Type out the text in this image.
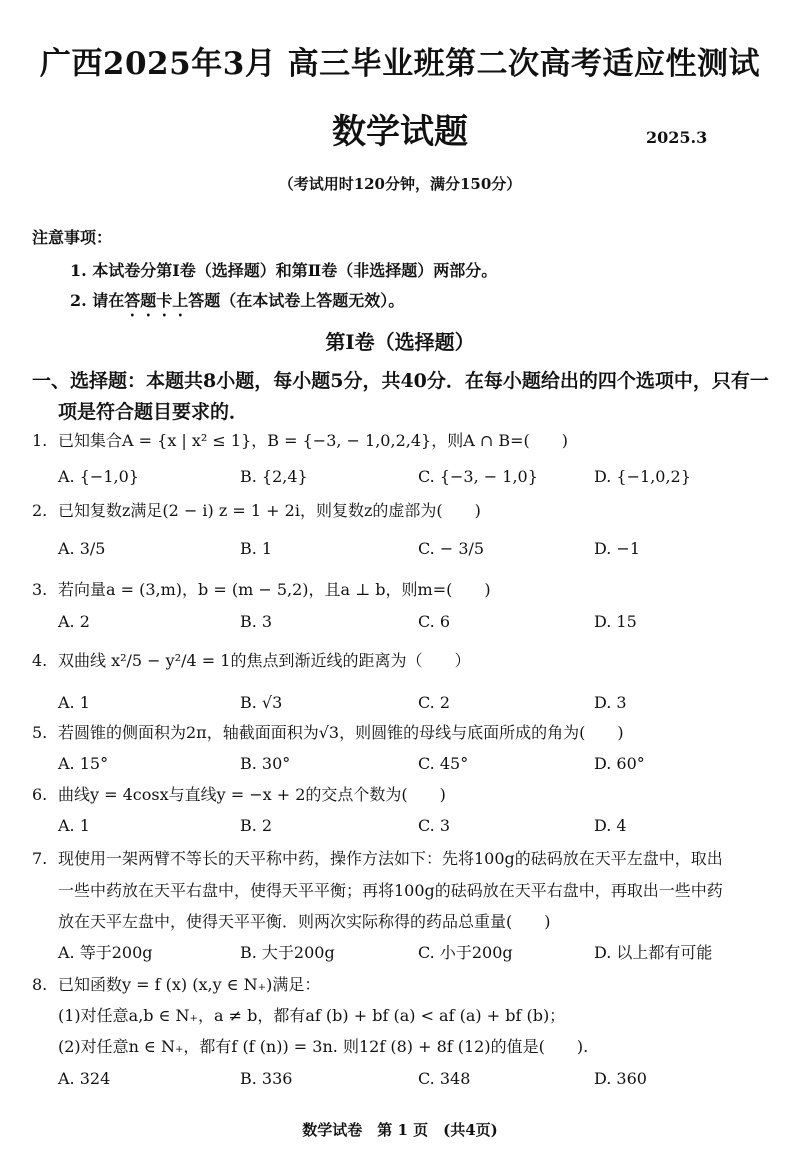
广西2025年3月 高三毕业班第二次高考适应性测试
数学试题	2025.3
（考试用时120分钟，满分150分）
注意事项：
1. 本试卷分第Ⅰ卷（选择题）和第Ⅱ卷（非选择题）两部分。
2. 请在答题卡上答题（在本试卷上答题无效）。
第Ⅰ卷（选择题）
一、选择题：本题共8小题，每小题5分，共40分．在每小题给出的四个选项中，只有一
项是符合题目要求的．
1. 已知集合A = {x | x² ≤ 1}，B = {−3, − 1,0,2,4}，则A ∩ B=(　　)
A. {−1,0}	B. {2,4}	C. {−3, − 1,0}	D. {−1,0,2}
2. 已知复数z满足(2 − i) z = 1 + 2i，则复数z的虚部为(　　)
A. 3/5	B. 1	C. − 3/5	D. −1
3. 若向量a = (3,m)，b = (m − 5,2)，且a ⊥ b，则m=(　　)
A. 2	B. 3	C. 6	D. 15
4. 双曲线 x²/5 − y²/4 = 1的焦点到渐近线的距离为（　　）
A. 1	B. √3	C. 2	D. 3
5. 若圆锥的侧面积为2π，轴截面面积为√3，则圆锥的母线与底面所成的角为(　　)
A. 15°	B. 30°	C. 45°	D. 60°
6. 曲线y = 4cosx与直线y = −x + 2的交点个数为(　　)
A. 1	B. 2	C. 3	D. 4
7. 现使用一架两臂不等长的天平称中药，操作方法如下：先将100g的砝码放在天平左盘中，取出
一些中药放在天平右盘中，使得天平平衡；再将100g的砝码放在天平右盘中，再取出一些中药
放在天平左盘中，使得天平平衡．则两次实际称得的药品总重量(　　)
A. 等于200g	B. 大于200g	C. 小于200g	D. 以上都有可能
8. 已知函数y = f (x) (x,y ∈ N₊)满足：
(1)对任意a,b ∈ N₊，a ≠ b，都有af (b) + bf (a) < af (a) + bf (b)；
(2)对任意n ∈ N₊，都有f (f (n)) = 3n. 则12f (8) + 8f (12)的值是(　　).
A. 324	B. 336	C. 348	D. 360
数学试卷　第 1 页　(共4页)
